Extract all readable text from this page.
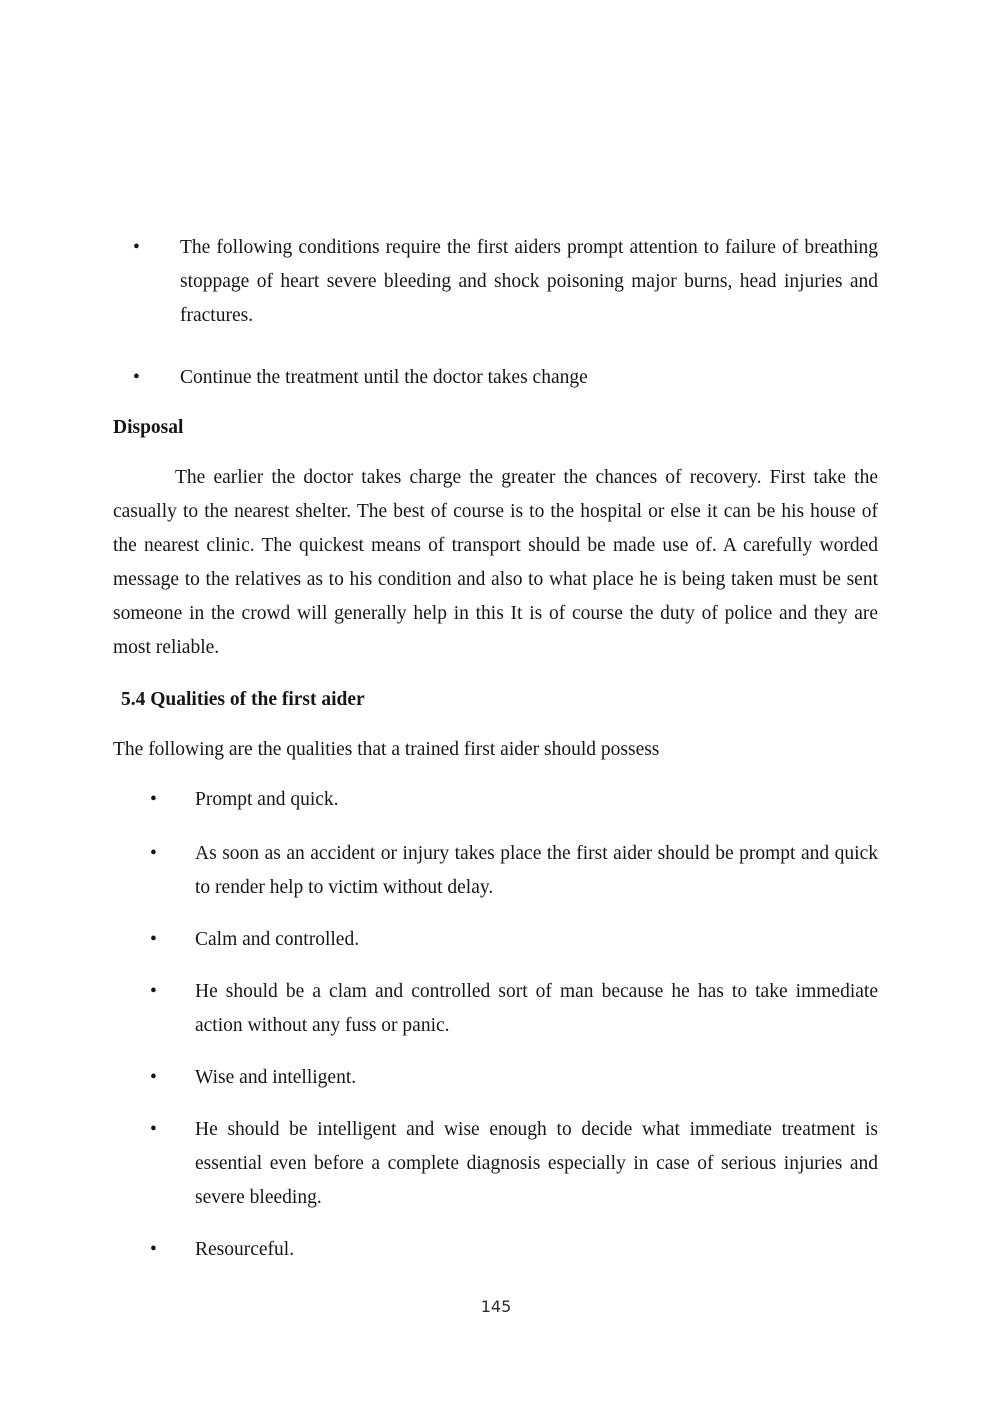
•	The following conditions require the first aiders prompt attention to failure of breathing stoppage of heart severe bleeding and shock poisoning major burns, head injuries and fractures.
•	Continue the treatment until the doctor takes change
Disposal

The earlier the doctor takes charge the greater the chances of recovery. First take the casually to the nearest shelter. The best of course is to the hospital or else it can be his house of the nearest clinic. The quickest means of transport should be made use of. A carefully worded message to the relatives as to his condition and also to what place he is being taken must be sent someone in the crowd will generally help in this It is of course the duty of police and they are most reliable.

5.4 Qualities of the first aider

The following are the qualities that a trained first aider should possess

•	Prompt and quick.
•	As soon as an accident or injury takes place the first aider should be prompt and quick to render help to victim without delay.
•	Calm and controlled.
•	He should be a clam and controlled sort of man because he has to take immediate action without any fuss or panic.
•	Wise and intelligent.
•	He should be intelligent and wise enough to decide what immediate treatment is essential even before a complete diagnosis especially in case of serious injuries and severe bleeding.
•	Resourceful.
145
